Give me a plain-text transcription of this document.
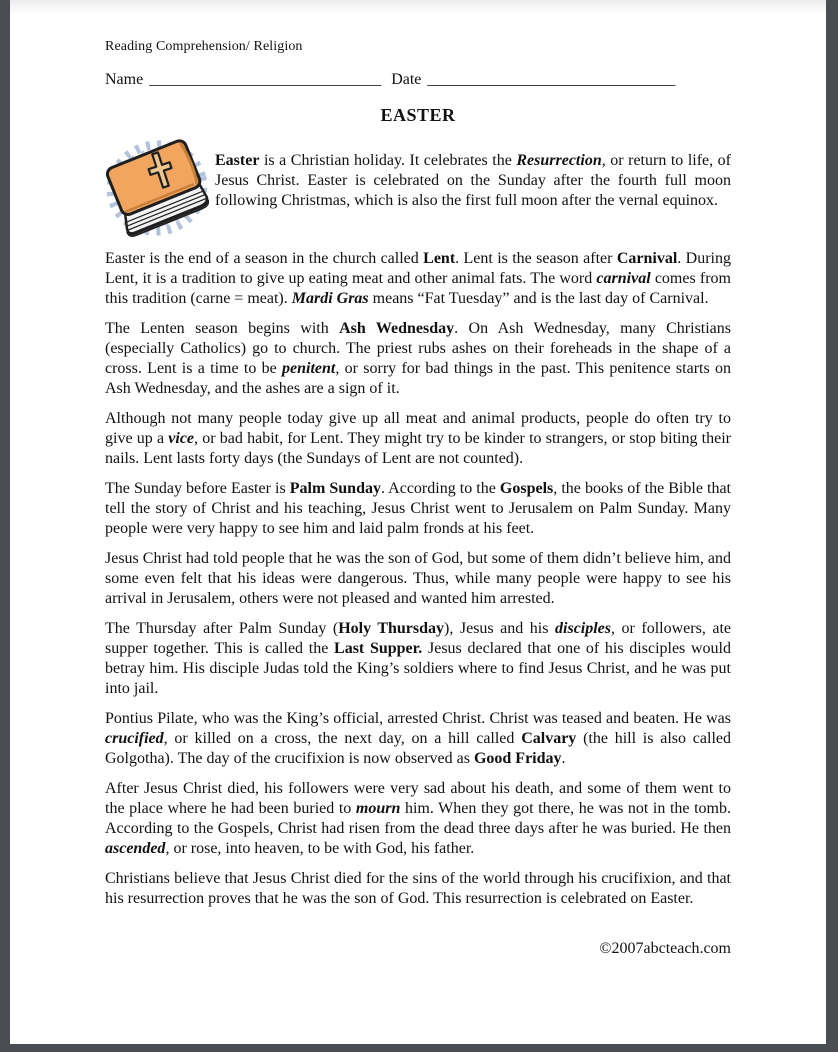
Reading Comprehension/ Religion
Name _____________________________ Date _______________________________
EASTER

Easter is a Christian holiday. It celebrates the Resurrection, or return to life, of Jesus Christ. Easter is celebrated on the Sunday after the fourth full moon following Christmas, which is also the first full moon after the vernal equinox.

Easter is the end of a season in the church called Lent. Lent is the season after Carnival. During Lent, it is a tradition to give up eating meat and other animal fats. The word carnival comes from this tradition (carne = meat). Mardi Gras means “Fat Tuesday” and is the last day of Carnival.

The Lenten season begins with Ash Wednesday. On Ash Wednesday, many Christians (especially Catholics) go to church. The priest rubs ashes on their foreheads in the shape of a cross. Lent is a time to be penitent, or sorry for bad things in the past. This penitence starts on Ash Wednesday, and the ashes are a sign of it.

Although not many people today give up all meat and animal products, people do often try to give up a vice, or bad habit, for Lent. They might try to be kinder to strangers, or stop biting their nails. Lent lasts forty days (the Sundays of Lent are not counted).

The Sunday before Easter is Palm Sunday. According to the Gospels, the books of the Bible that tell the story of Christ and his teaching, Jesus Christ went to Jerusalem on Palm Sunday. Many people were very happy to see him and laid palm fronds at his feet.

Jesus Christ had told people that he was the son of God, but some of them didn’t believe him, and some even felt that his ideas were dangerous. Thus, while many people were happy to see his arrival in Jerusalem, others were not pleased and wanted him arrested.

The Thursday after Palm Sunday (Holy Thursday), Jesus and his disciples, or followers, ate supper together. This is called the Last Supper. Jesus declared that one of his disciples would betray him. His disciple Judas told the King’s soldiers where to find Jesus Christ, and he was put into jail.

Pontius Pilate, who was the King’s official, arrested Christ. Christ was teased and beaten. He was crucified, or killed on a cross, the next day, on a hill called Calvary (the hill is also called Golgotha). The day of the crucifixion is now observed as Good Friday.

After Jesus Christ died, his followers were very sad about his death, and some of them went to the place where he had been buried to mourn him. When they got there, he was not in the tomb. According to the Gospels, Christ had risen from the dead three days after he was buried. He then ascended, or rose, into heaven, to be with God, his father.

Christians believe that Jesus Christ died for the sins of the world through his crucifixion, and that his resurrection proves that he was the son of God. This resurrection is celebrated on Easter.

©2007abcteach.com
